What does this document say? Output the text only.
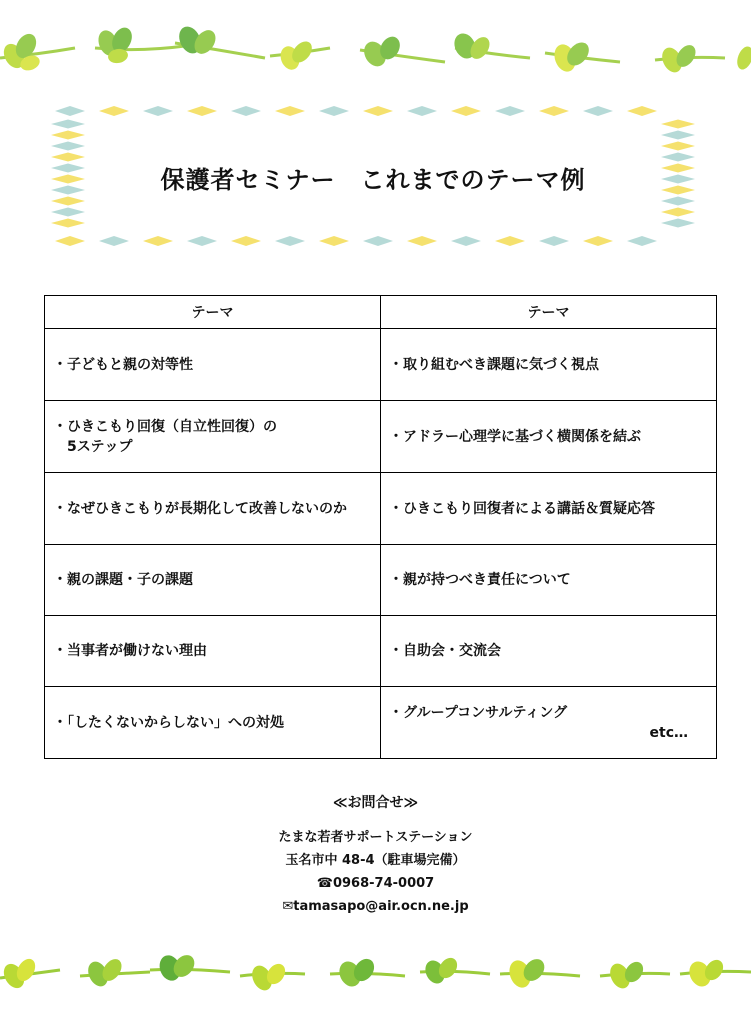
保護者セミナー　これまでのテーマ例
テーマ	テーマ

・子どもと親の対等性	・取り組むべき課題に気づく視点

・ひきこもり回復（自立性回復）の
5ステップ	・アドラー心理学に基づく横関係を結ぶ

・なぜひきこもりが長期化して改善しないのか	・ひきこもり回復者による講話＆質疑応答

・親の課題・子の課題	・親が持つべき責任について

・当事者が働けない理由	・自助会・交流会

・「したくないからしない」への対処	・グループコンサルティング
etc…
≪お問合せ≫
たまな若者サポートステーション
玉名市中 48-4（駐車場完備）
☎0968-74-0007
✉tamasapo@air.ocn.ne.jp
